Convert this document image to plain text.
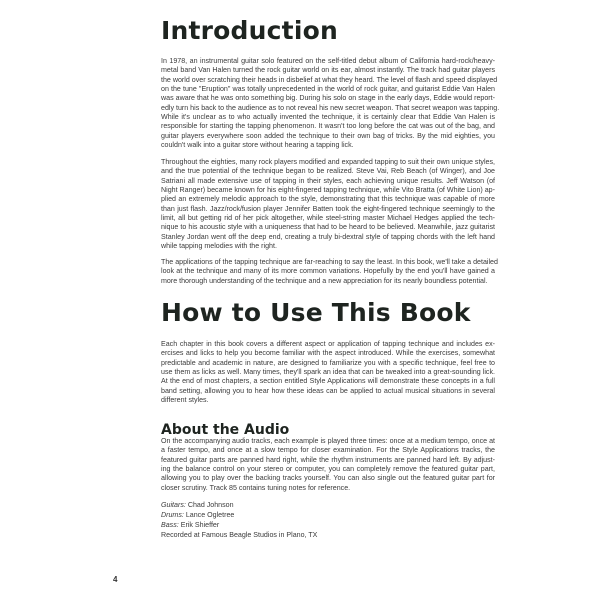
Introduction
In 1978, an instrumental guitar solo featured on the self-titled debut album of California hard-rock/heavy-
metal band Van Halen turned the rock guitar world on its ear, almost instantly. The track had guitar players
the world over scratching their heads in disbelief at what they heard. The level of flash and speed displayed
on the tune "Eruption" was totally unprecedented in the world of rock guitar, and guitarist Eddie Van Halen
was aware that he was onto something big. During his solo on stage in the early days, Eddie would report-
edly turn his back to the audience as to not reveal his new secret weapon. That secret weapon was tapping.
While it's unclear as to who actually invented the technique, it is certainly clear that Eddie Van Halen is
responsible for starting the tapping phenomenon. It wasn't too long before the cat was out of the bag, and
guitar players everywhere soon added the technique to their own bag of tricks. By the mid eighties, you
couldn't walk into a guitar store without hearing a tapping lick.
Throughout the eighties, many rock players modified and expanded tapping to suit their own unique styles,
and the true potential of the technique began to be realized. Steve Vai, Reb Beach (of Winger), and Joe
Satriani all made extensive use of tapping in their styles, each achieving unique results. Jeff Watson (of
Night Ranger) became known for his eight-fingered tapping technique, while Vito Bratta (of White Lion) ap-
plied an extremely melodic approach to the style, demonstrating that this technique was capable of more
than just flash. Jazz/rock/fusion player Jennifer Batten took the eight-fingered technique seemingly to the
limit, all but getting rid of her pick altogether, while steel-string master Michael Hedges applied the tech-
nique to his acoustic style with a uniqueness that had to be heard to be believed. Meanwhile, jazz guitarist
Stanley Jordan went off the deep end, creating a truly bi-dextral style of tapping chords with the left hand
while tapping melodies with the right.
The applications of the tapping technique are far-reaching to say the least. In this book, we'll take a detailed
look at the technique and many of its more common variations. Hopefully by the end you'll have gained a
more thorough understanding of the technique and a new appreciation for its nearly boundless potential.
How to Use This Book
Each chapter in this book covers a different aspect or application of tapping technique and includes ex-
ercises and licks to help you become familiar with the aspect introduced. While the exercises, somewhat
predictable and academic in nature, are designed to familiarize you with a specific technique, feel free to
use them as licks as well. Many times, they'll spark an idea that can be tweaked into a great-sounding lick.
At the end of most chapters, a section entitled Style Applications will demonstrate these concepts in a full
band setting, allowing you to hear how these ideas can be applied to actual musical situations in several
different styles.
About the Audio
On the accompanying audio tracks, each example is played three times: once at a medium tempo, once at
a faster tempo, and once at a slow tempo for closer examination. For the Style Applications tracks, the
featured guitar parts are panned hard right, while the rhythm instruments are panned hard left. By adjust-
ing the balance control on your stereo or computer, you can completely remove the featured guitar part,
allowing you to play over the backing tracks yourself. You can also single out the featured guitar part for
closer scrutiny. Track 85 contains tuning notes for reference.
Guitars: Chad Johnson
Drums: Lance Ogletree
Bass: Erik Shieffer
Recorded at Famous Beagle Studios in Plano, TX
4
